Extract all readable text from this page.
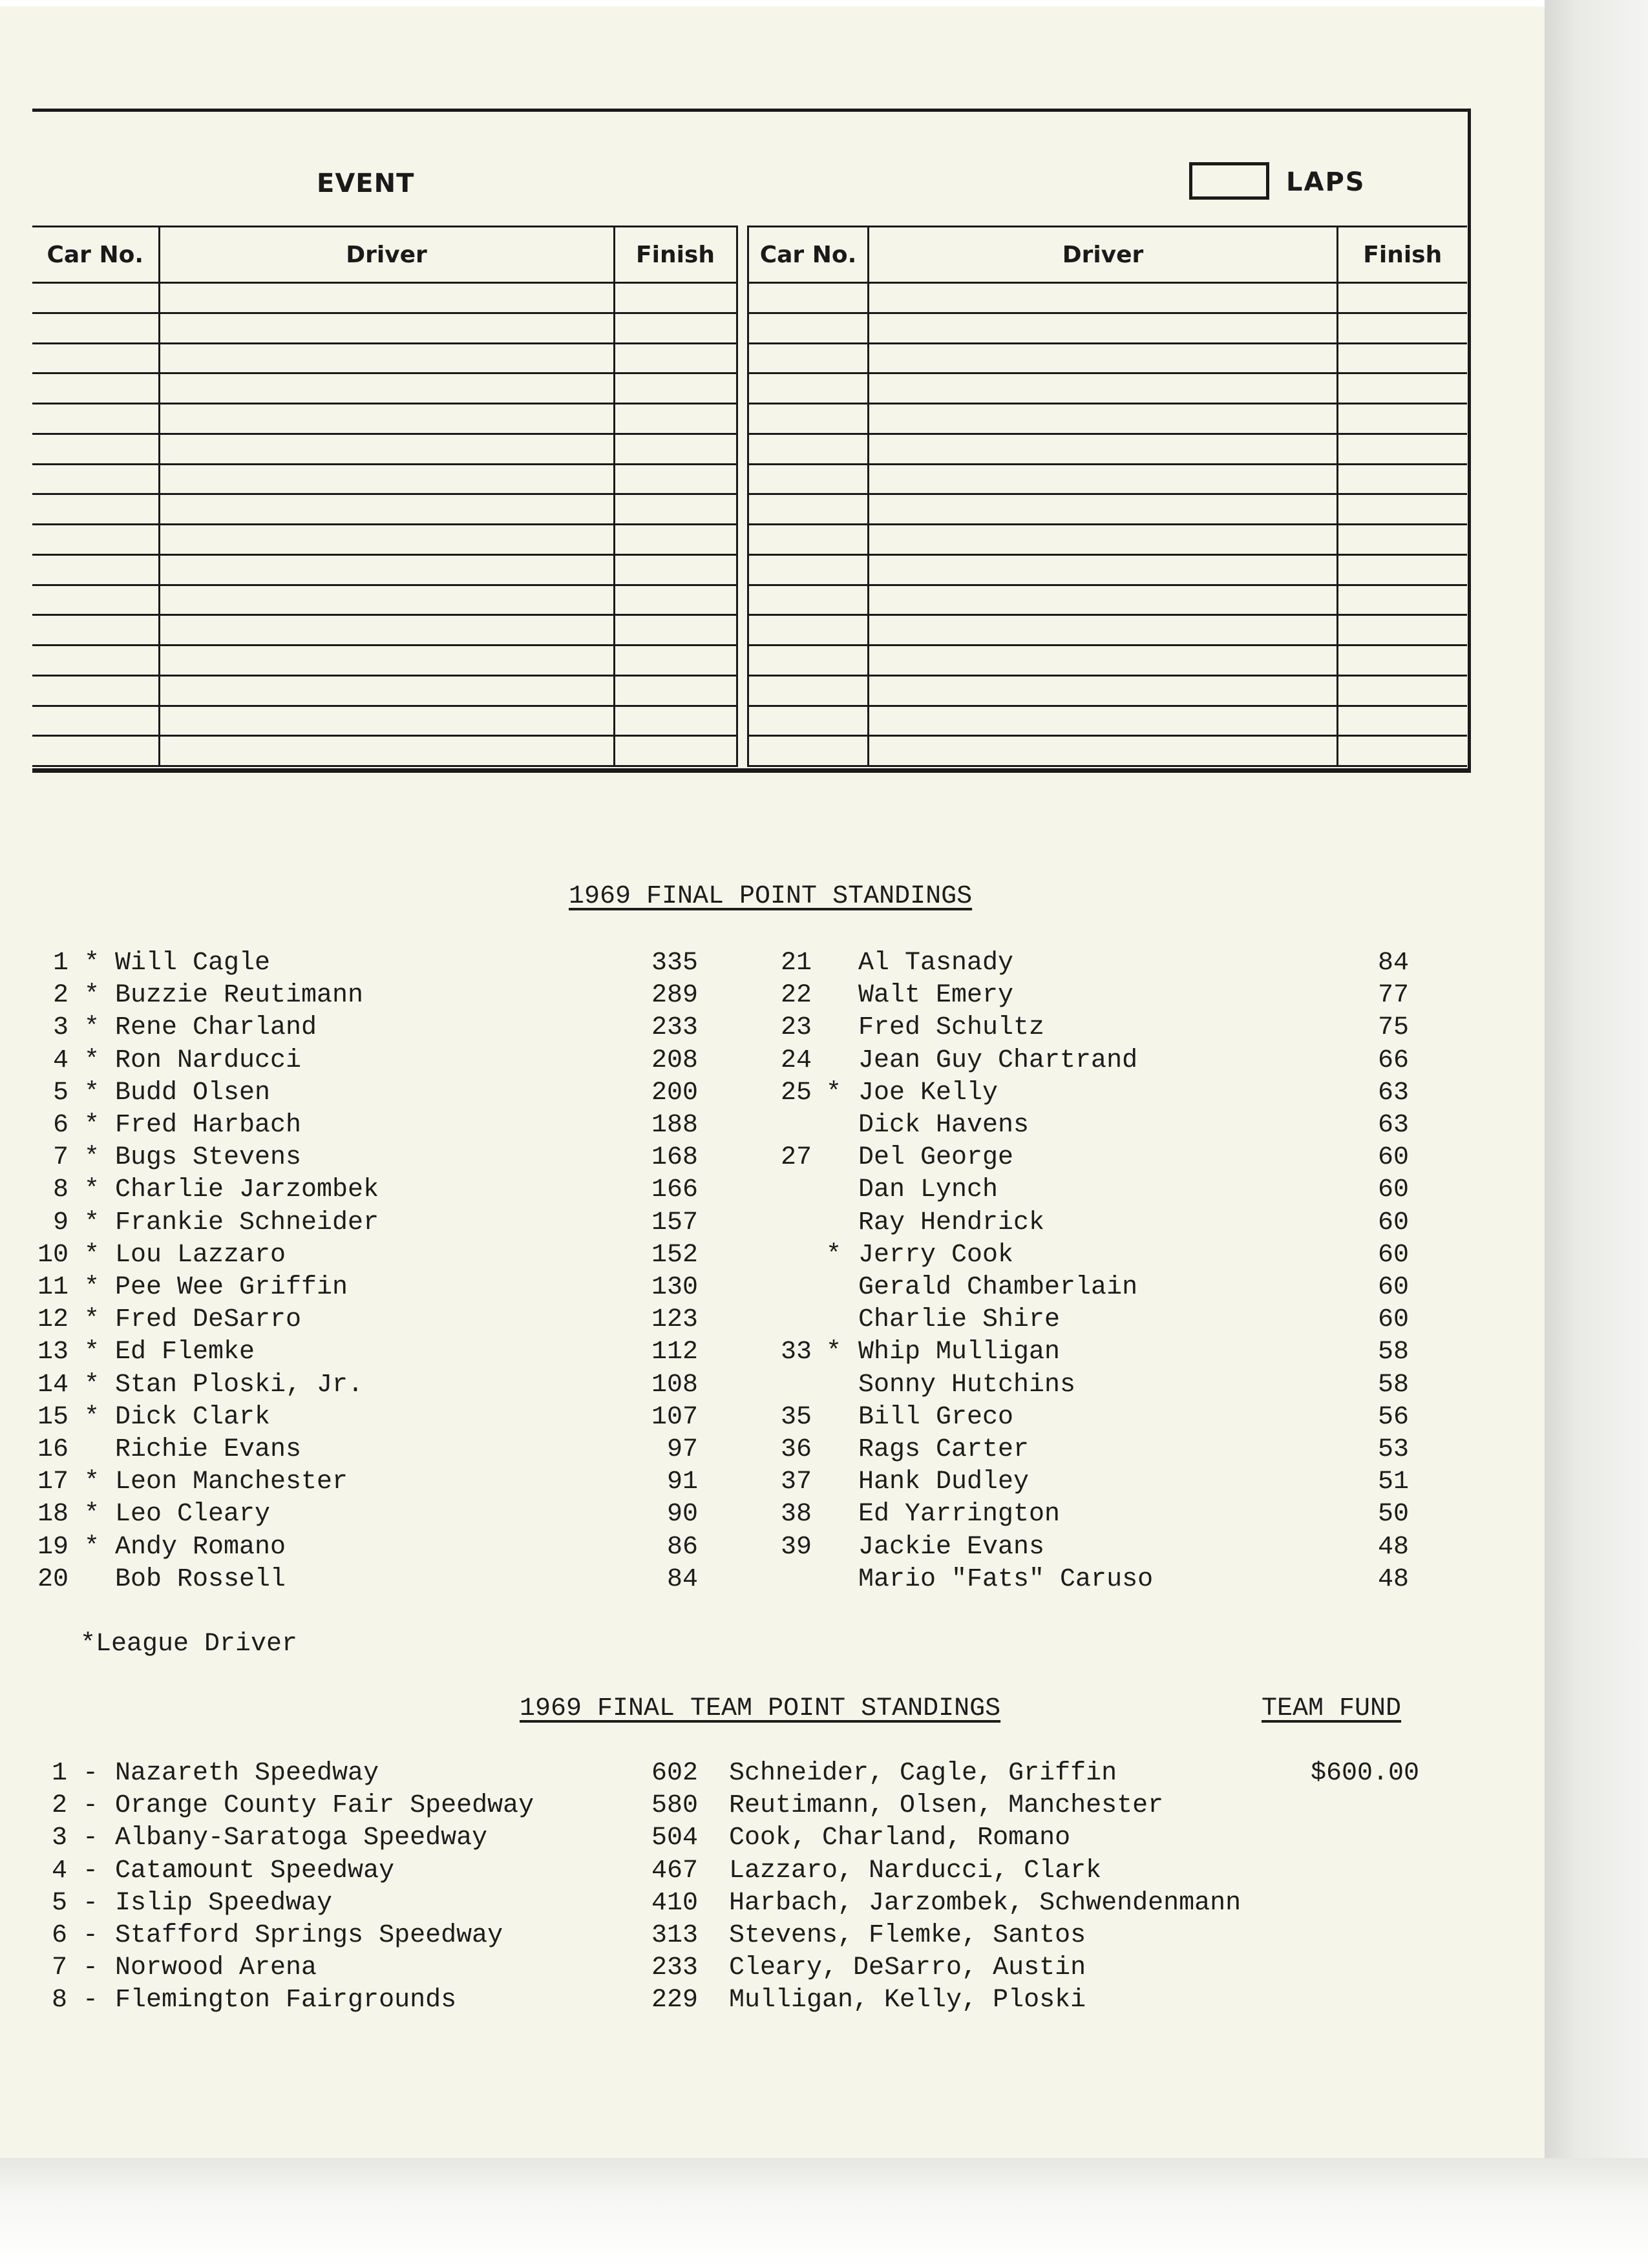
EVENT	LAPS
Car No.	Driver	Finish

		Car No.	Driver	Finish

1969 FINAL POINT STANDINGS
*League Driver
1969 FINAL TEAM POINT STANDINGS	TEAM FUND
1 * Will Cagle	335
2 * Buzzie Reutimann	289
3 * Rene Charland	233
4 * Ron Narducci	208
5 * Budd Olsen	200
6 * Fred Harbach	188
7 * Bugs Stevens	168
8 * Charlie Jarzombek	166
9 * Frankie Schneider	157
10 * Lou Lazzaro	152
11 * Pee Wee Griffin	130
12 * Fred DeSarro	123
13 * Ed Flemke	112
14 * Stan Ploski, Jr.	108
15 * Dick Clark	107
16 Richie Evans	97
17 * Leon Manchester	91
18 * Leo Cleary	90
19 * Andy Romano	86
20 Bob Rossell	84
21 Al Tasnady	84
22 Walt Emery	77
23 Fred Schultz	75
24 Jean Guy Chartrand	66
25 * Joe Kelly	63
Dick Havens	63
27 Del George	60
Dan Lynch	60
Ray Hendrick	60
* Jerry Cook	60
Gerald Chamberlain	60
Charlie Shire	60
33 * Whip Mulligan	58
Sonny Hutchins	58
35 Bill Greco	56
36 Rags Carter	53
37 Hank Dudley	51
38 Ed Yarrington	50
39 Jackie Evans	48
Mario "Fats" Caruso	48
1 - Nazareth Speedway	602 Schneider, Cagle, Griffin	$600.00
2 - Orange County Fair Speedway	580 Reutimann, Olsen, Manchester
3 - Albany-Saratoga Speedway	504 Cook, Charland, Romano
4 - Catamount Speedway	467 Lazzaro, Narducci, Clark
5 - Islip Speedway	410 Harbach, Jarzombek, Schwendenmann
6 - Stafford Springs Speedway	313 Stevens, Flemke, Santos
7 - Norwood Arena	233 Cleary, DeSarro, Austin
8 - Flemington Fairgrounds	229 Mulligan, Kelly, Ploski
